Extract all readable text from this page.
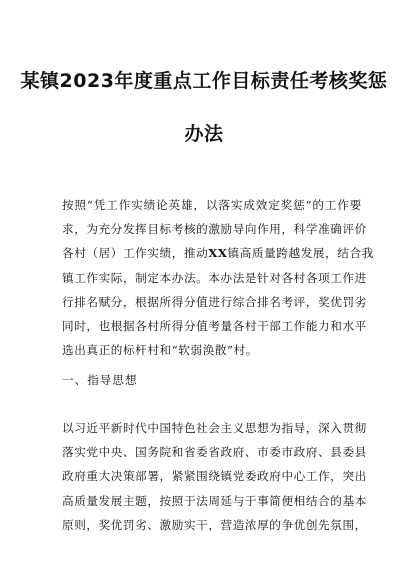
某镇2023年度重点工作目标责任考核奖惩
办法
按照“凭工作实绩论英雄，以落实成效定奖惩”的工作要
求，为充分发挥目标考核的激励导向作用，科学准确评价
各村（居）工作实绩，推动XX镇高质量跨越发展，结合我
镇工作实际，制定本办法。本办法是针对各村各项工作进
行排名赋分，根据所得分值进行综合排名考评，奖优罚劣
同时，也根据各村所得分值考量各村干部工作能力和水平
选出真正的标杆村和“软弱涣散”村。
一、指导思想
以习近平新时代中国特色社会主义思想为指导，深入贯彻
落实党中央、国务院和省委省政府、市委市政府、县委县
政府重大决策部署，紧紧围绕镇党委政府中心工作，突出
高质量发展主题，按照于法周延与于事简便相结合的基本
原则，奖优罚劣、激励实干，营造浓厚的争优创先氛围，
